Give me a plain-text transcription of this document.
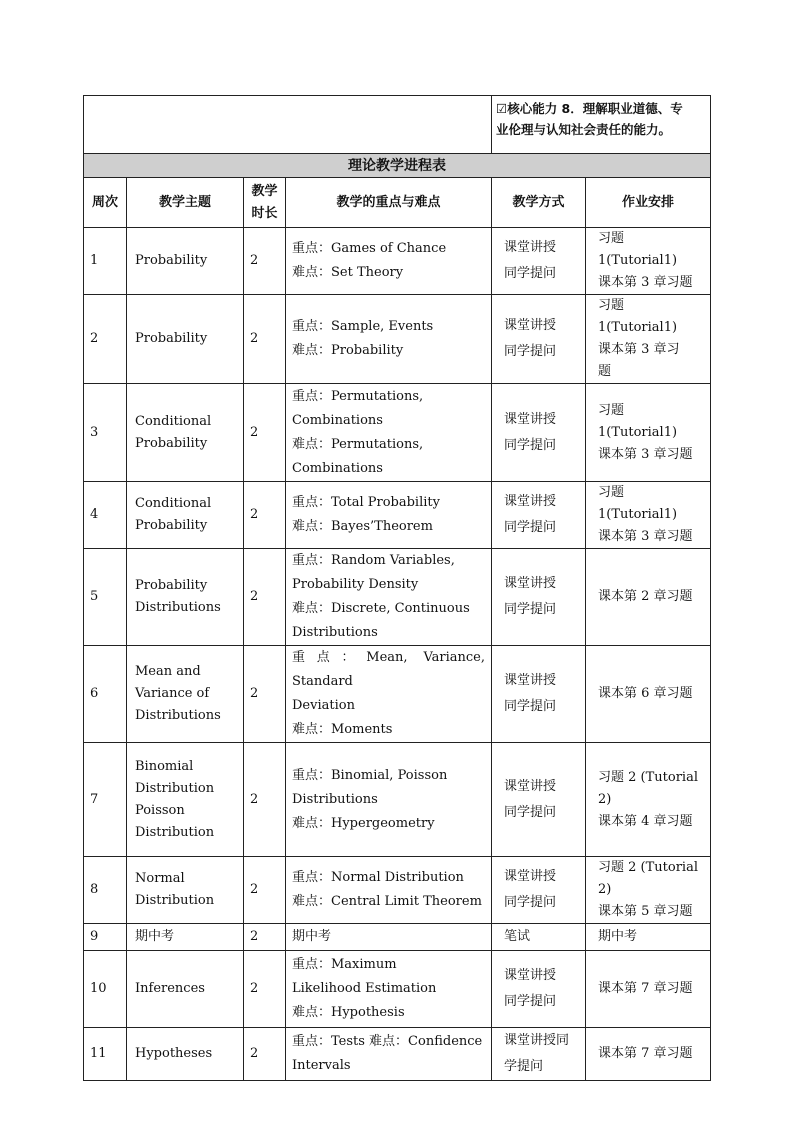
				☑核心能力 8．理解职业道德、专
业伦理与认知社会责任的能力。	

理论教学进程表					
周次	教学主题	教学
时长	教学的重点与难点	教学方式	作业安排
1	Probability	2	重点：Games of Chance
难点：Set Theory	课堂讲授
同学提问	习题 1(Tutorial1)
课本第 3 章习题

2	Probability	2	重点：Sample, Events
难点：Probability	课堂讲授
同学提问	习题 1(Tutorial1)
课本第 3 章习
题

3	Conditional
Probability	2	重点：Permutations,
Combinations
难点：Permutations,
Combinations	课堂讲授
同学提问	习题 1(Tutorial1)
课本第 3 章习题

4	Conditional
Probability	2	重点：Total Probability
难点：Bayes’Theorem	课堂讲授
同学提问	习题 1(Tutorial1)
课本第 3 章习题

5	Probability
Distributions	2	重点：Random Variables,
Probability Density
难点：Discrete, Continuous
Distributions	课堂讲授
同学提问	课本第 2 章习题

6	Mean and
Variance of
Distributions	2	重点：Mean, Variance, Standard
Deviation
难点：Moments	课堂讲授
同学提问	课本第 6 章习题

7	Binomial
Distribution
Poisson
Distribution	2	重点：Binomial, Poisson
Distributions
难点：Hypergeometry	课堂讲授
同学提问	习题 2 (Tutorial 2)
课本第 4 章习题

8	Normal
Distribution	2	重点：Normal Distribution
难点：Central Limit Theorem	课堂讲授
同学提问	习题 2 (Tutorial 2)
课本第 5 章习题

9	期中考	2	期中考	笔试	期中考

10	Inferences	2	重点：Maximum
Likelihood Estimation
难点：Hypothesis	课堂讲授
同学提问	课本第 7 章习题

11	Hypotheses	2	重点：Tests 难点：Confidence
Intervals	课堂讲授同
学提问	课本第 7 章习题
